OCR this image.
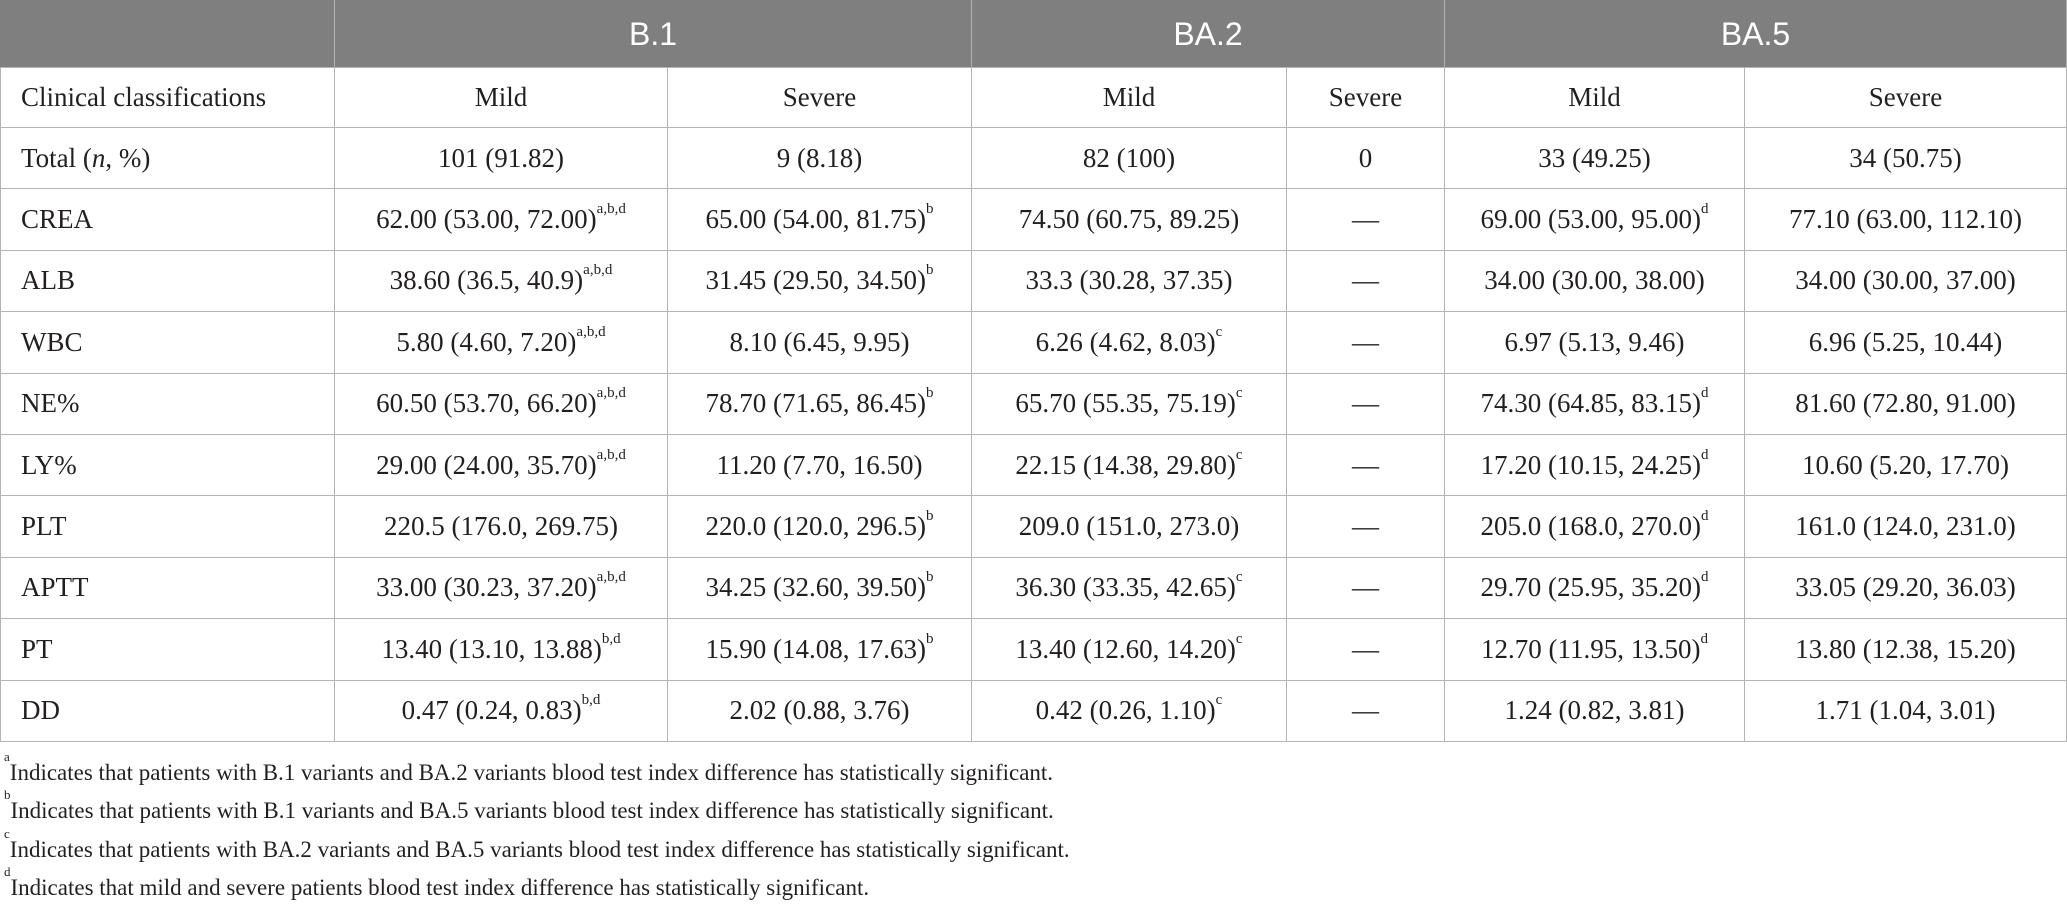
	B.1		BA.2		BA.5	
Clinical classifications	Mild	Severe	Mild	Severe	Mild	Severe
Total (n, %)	101 (91.82)	9 (8.18)	82 (100)	0	33 (49.25)	34 (50.75)
CREA	62.00 (53.00, 72.00)$^{a,b,d}$	65.00 (54.00, 81.75)$^b$	74.50 (60.75, 89.25)	—	69.00 (53.00, 95.00)$^d$	77.10 (63.00, 112.10)
ALB	38.60 (36.5, 40.9)$^{a,b,d}$	31.45 (29.50, 34.50)$^b$	33.3 (30.28, 37.35)	—	34.00 (30.00, 38.00)	34.00 (30.00, 37.00)
WBC	5.80 (4.60, 7.20)$^{a,b,d}$	8.10 (6.45, 9.95)	6.26 (4.62, 8.03)$^c$	—	6.97 (5.13, 9.46)	6.96 (5.25, 10.44)
NE%	60.50 (53.70, 66.20)$^{a,b,d}$	78.70 (71.65, 86.45)$^b$	65.70 (55.35, 75.19)$^c$	—	74.30 (64.85, 83.15)$^d$	81.60 (72.80, 91.00)
LY%	29.00 (24.00, 35.70)$^{a,b,d}$	11.20 (7.70, 16.50)	22.15 (14.38, 29.80)$^c$	—	17.20 (10.15, 24.25)$^d$	10.60 (5.20, 17.70)
PLT	220.5 (176.0, 269.75)	220.0 (120.0, 296.5)$^b$	209.0 (151.0, 273.0)	—	205.0 (168.0, 270.0)$^d$	161.0 (124.0, 231.0)
APTT	33.00 (30.23, 37.20)$^{a,b,d}$	34.25 (32.60, 39.50)$^b$	36.30 (33.35, 42.65)$^c$	—	29.70 (25.95, 35.20)$^d$	33.05 (29.20, 36.03)
PT	13.40 (13.10, 13.88)$^{b,d}$	15.90 (14.08, 17.63)$^b$	13.40 (12.60, 14.20)$^c$	—	12.70 (11.95, 13.50)$^d$	13.80 (12.38, 15.20)
DD	0.47 (0.24, 0.83)$^{b,d}$	2.02 (0.88, 3.76)	0.42 (0.26, 1.10)$^c$	—	1.24 (0.82, 3.81)	1.71 (1.04, 3.01)
$^a$Indicates that patients with B.1 variants and BA.2 variants blood test index difference has statistically significant.
$^b$Indicates that patients with B.1 variants and BA.5 variants blood test index difference has statistically significant.
$^c$Indicates that patients with BA.2 variants and BA.5 variants blood test index difference has statistically significant.
$^d$Indicates that mild and severe patients blood test index difference has statistically significant.
